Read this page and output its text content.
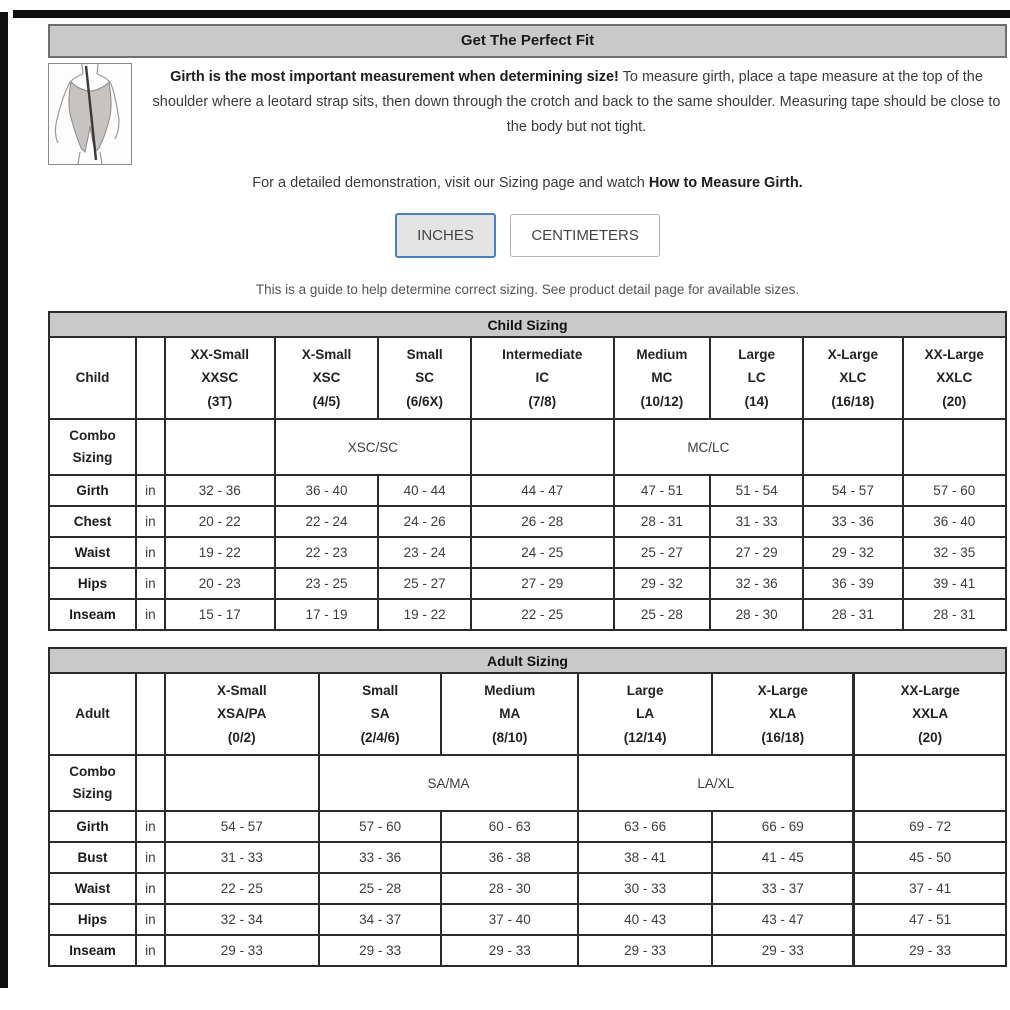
Get The Perfect Fit

Girth is the most important measurement when determining size! To measure girth, place a tape measure at the top of the shoulder where a leotard strap sits, then down through the crotch and back to the same shoulder. Measuring tape should be close to the body but not tight.

For a detailed demonstration, visit our Sizing page and watch How to Measure Girth.

INCHES	CENTIMETERS

This is a guide to help determine correct sizing. See product detail page for available sizes.

Child Sizing									
Child		XX-Small
XXSC
(3T)	X-Small
XSC
(4/5)	Small
SC
(6/6X)	Intermediate
IC
(7/8)	Medium
MC
(10/12)	Large
LC
(14)	X-Large
XLC
(16/18)	XX-Large
XXLC
(20)
Combo
Sizing			XSC/SC			MC/LC			
Girth	in	32 - 36	36 - 40	40 - 44	44 - 47	47 - 51	51 - 54	54 - 57	57 - 60
Chest	in	20 - 22	22 - 24	24 - 26	26 - 28	28 - 31	31 - 33	33 - 36	36 - 40
Waist	in	19 - 22	22 - 23	23 - 24	24 - 25	25 - 27	27 - 29	29 - 32	32 - 35
Hips	in	20 - 23	23 - 25	25 - 27	27 - 29	29 - 32	32 - 36	36 - 39	39 - 41
Inseam	in	15 - 17	17 - 19	19 - 22	22 - 25	25 - 28	28 - 30	28 - 31	28 - 31
Adult Sizing							
Adult		X-Small
XSA/PA
(0/2)	Small
SA
(2/4/6)	Medium
MA
(8/10)	Large
LA
(12/14)	X-Large
XLA
(16/18)	XX-Large
XXLA
(20)
Combo
Sizing			SA/MA		LA/XL		
Girth	in	54 - 57	57 - 60	60 - 63	63 - 66	66 - 69	69 - 72
Bust	in	31 - 33	33 - 36	36 - 38	38 - 41	41 - 45	45 - 50
Waist	in	22 - 25	25 - 28	28 - 30	30 - 33	33 - 37	37 - 41
Hips	in	32 - 34	34 - 37	37 - 40	40 - 43	43 - 47	47 - 51
Inseam	in	29 - 33	29 - 33	29 - 33	29 - 33	29 - 33	29 - 33
